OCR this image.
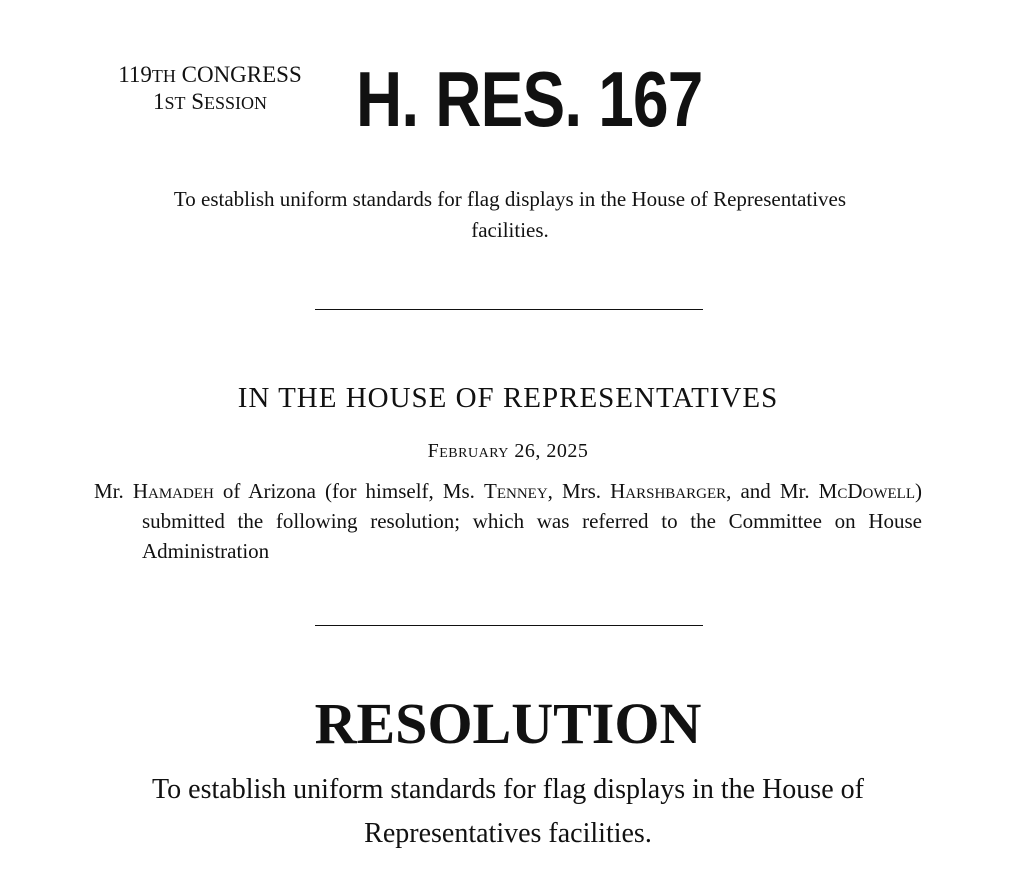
119TH CONGRESS
1ST SESSION	H. RES. 167
To establish uniform standards for flag displays in the House of Representatives facilities.
IN THE HOUSE OF REPRESENTATIVES
February 26, 2025
Mr. Hamadeh of Arizona (for himself, Ms. Tenney, Mrs. Harshbarger, and Mr. McDowell) submitted the following resolution; which was referred to the Committee on House Administration
RESOLUTION
To establish uniform standards for flag displays in the House of Representatives facilities.
